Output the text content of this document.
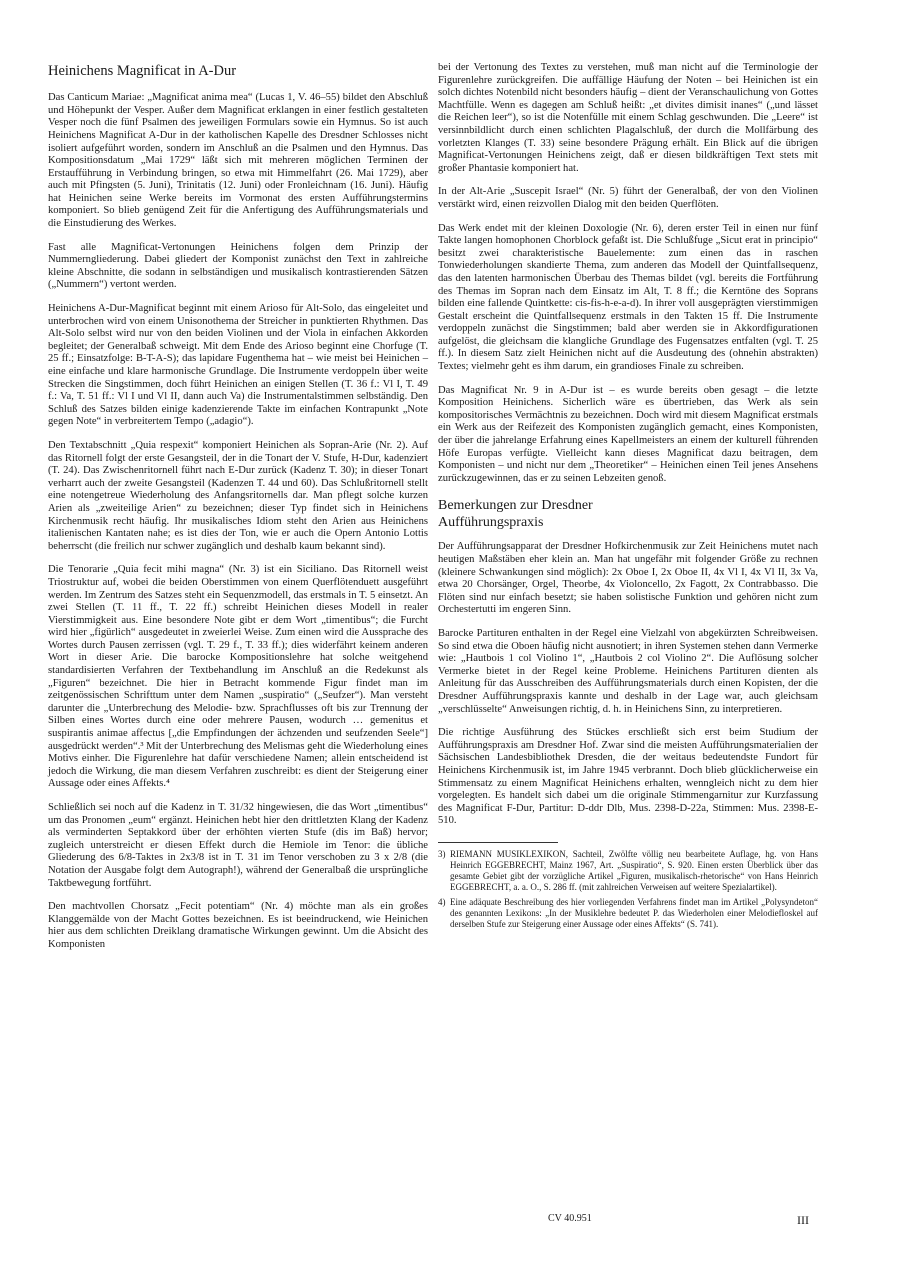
Heinichens Magnificat in A-Dur

Das Canticum Mariae: „Magnificat anima mea“ (Lucas 1, V. 46–55) bildet den Abschluß und Höhepunkt der Vesper. Außer dem Magnificat erklangen in einer festlich gestalteten Vesper noch die fünf Psalmen des jeweiligen Formulars sowie ein Hymnus. So ist auch Heinichens Magnificat A-Dur in der katholischen Kapelle des Dresdner Schlosses nicht isoliert aufgeführt worden, sondern im Anschluß an die Psalmen und den Hymnus. Das Kompositionsdatum „Mai 1729“ läßt sich mit mehreren möglichen Terminen der Erstaufführung in Verbindung bringen, so etwa mit Himmelfahrt (26. Mai 1729), aber auch mit Pfingsten (5. Juni), Trinitatis (12. Juni) oder Fronleichnam (16. Juni). Häufig hat Heinichen seine Werke bereits im Vormonat des ersten Aufführungstermins komponiert. So blieb genügend Zeit für die Anfertigung des Aufführungsmaterials und die Einstudierung des Werkes.

Fast alle Magnificat-Vertonungen Heinichens folgen dem Prinzip der Nummerngliederung. Dabei gliedert der Komponist zunächst den Text in zahlreiche kleine Abschnitte, die sodann in selbständigen und musikalisch kontrastierenden Sätzen („Nummern“) vertont werden.

Heinichens A-Dur-Magnificat beginnt mit einem Arioso für Alt-Solo, das eingeleitet und unterbrochen wird von einem Unisonothema der Streicher in punktierten Rhythmen. Das Alt-Solo selbst wird nur von den beiden Violinen und der Viola in einfachen Akkorden begleitet; der Generalbaß schweigt. Mit dem Ende des Arioso beginnt eine Chorfuge (T. 25 ff.; Einsatzfolge: B-T-A-S); das lapidare Fugenthema hat – wie meist bei Heinichen – eine einfache und klare harmonische Grundlage. Die Instrumente verdoppeln über weite Strecken die Singstimmen, doch führt Heinichen an einigen Stellen (T. 36 f.: Vl I, T. 49 f.: Va, T. 51 ff.: Vl I und Vl II, dann auch Va) die Instrumentalstimmen selbständig. Den Schluß des Satzes bilden einige kadenzierende Takte im einfachen Kontrapunkt „Note gegen Note“ in verbreitertem Tempo („adagio“).

Den Textabschnitt „Quia respexit“ komponiert Heinichen als Sopran-Arie (Nr. 2). Auf das Ritornell folgt der erste Gesangsteil, der in die Tonart der V. Stufe, H-Dur, kadenziert (T. 24). Das Zwischenritornell führt nach E-Dur zurück (Kadenz T. 30); in dieser Tonart verharrt auch der zweite Gesangsteil (Kadenzen T. 44 und 60). Das Schlußritornell stellt eine notengetreue Wiederholung des Anfangsritornells dar. Man pflegt solche kurzen Arien als „zweiteilige Arien“ zu bezeichnen; dieser Typ findet sich in Heinichens Kirchenmusik recht häufig. Ihr musikalisches Idiom steht den Arien aus Heinichens italienischen Kantaten nahe; es ist dies der Ton, wie er auch die Opern Antonio Lottis beherrscht (die freilich nur schwer zugänglich und deshalb kaum bekannt sind).

Die Tenorarie „Quia fecit mihi magna“ (Nr. 3) ist ein Siciliano. Das Ritornell weist Triostruktur auf, wobei die beiden Oberstimmen von einem Querflötenduett ausgeführt werden. Im Zentrum des Satzes steht ein Sequenzmodell, das erstmals in T. 5 einsetzt. An zwei Stellen (T. 11 ff., T. 22 ff.) schreibt Heinichen dieses Modell in realer Vierstimmigkeit aus. Eine besondere Note gibt er dem Wort „timentibus“; die Furcht wird hier „figürlich“ ausgedeutet in zweierlei Weise. Zum einen wird die Aussprache des Wortes durch Pausen zerrissen (vgl. T. 29 f., T. 33 ff.); dies widerfährt keinem anderen Wort in dieser Arie. Die barocke Kompositionslehre hat solche weitgehend standardisierten Verfahren der Textbehandlung im Anschluß an die Redekunst als „Figuren“ bezeichnet. Die hier in Betracht kommende Figur findet man im zeitgenössischen Schrifttum unter dem Namen „suspiratio“ („Seufzer“). Man versteht darunter die „Unterbrechung des Melodie- bzw. Sprachflusses oft bis zur Trennung der Silben eines Wortes durch eine oder mehrere Pausen, wodurch … gemenitus et suspirantis animae affectus [„die Empfindungen der ächzenden und seufzenden Seele“] ausgedrückt werden“.³ Mit der Unterbrechung des Melismas geht die Wiederholung eines Motivs einher. Die Figurenlehre hat dafür verschiedene Namen; allein entscheidend ist jedoch die Wirkung, die man diesem Verfahren zuschreibt: es dient der Steigerung einer Aussage oder eines Affekts.⁴

Schließlich sei noch auf die Kadenz in T. 31/32 hingewiesen, die das Wort „timentibus“ um das Pronomen „eum“ ergänzt. Heinichen hebt hier den drittletzten Klang der Kadenz als verminderten Septakkord über der erhöhten vierten Stufe (dis im Baß) hervor; zugleich unterstreicht er diesen Effekt durch die Hemiole im Tenor: die übliche Gliederung des 6/8-Taktes in 2x3/8 ist in T. 31 im Tenor verschoben zu 3 x 2/8 (die Notation der Ausgabe folgt dem Autograph!), während der Generalbaß die ursprüngliche Taktbewegung fortführt.

Den machtvollen Chorsatz „Fecit potentiam“ (Nr. 4) möchte man als ein großes Klanggemälde von der Macht Gottes bezeichnen. Es ist beeindruckend, wie Heinichen hier aus dem schlichten Dreiklang dramatische Wirkungen gewinnt. Um die Absicht des Komponisten

bei der Vertonung des Textes zu verstehen, muß man nicht auf die Terminologie der Figurenlehre zurückgreifen. Die auffällige Häufung der Noten – bei Heinichen ist ein solch dichtes Notenbild nicht besonders häufig – dient der Veranschaulichung von Gottes Machtfülle. Wenn es dagegen am Schluß heißt: „et divites dimisit inanes“ („und lässet die Reichen leer“), so ist die Notenfülle mit einem Schlag geschwunden. Die „Leere“ ist versinnbildlicht durch einen schlichten Plagalschluß, der durch die Mollfärbung des vorletzten Klanges (T. 33) seine besondere Prägung erhält. Ein Blick auf die übrigen Magnificat-Vertonungen Heinichens zeigt, daß er diesen bildkräftigen Text stets mit großer Phantasie komponiert hat.

In der Alt-Arie „Suscepit Israel“ (Nr. 5) führt der Generalbaß, der von den Violinen verstärkt wird, einen reizvollen Dialog mit den beiden Querflöten.

Das Werk endet mit der kleinen Doxologie (Nr. 6), deren erster Teil in einen nur fünf Takte langen homophonen Chorblock gefaßt ist. Die Schlußfuge „Sicut erat in principio“ besitzt zwei charakteristische Bauelemente: zum einen das in raschen Tonwiederholungen skandierte Thema, zum anderen das Modell der Quintfallsequenz, das den latenten harmonischen Überbau des Themas bildet (vgl. bereits die Fortführung des Themas im Sopran nach dem Einsatz im Alt, T. 8 ff.; die Kerntöne des Soprans bilden eine fallende Quintkette: cis-fis-h-e-a-d). In ihrer voll ausgeprägten vierstimmigen Gestalt erscheint die Quintfallsequenz erstmals in den Takten 15 ff. Die Instrumente verdoppeln zunächst die Singstimmen; bald aber werden sie in Akkordfigurationen aufgelöst, die gleichsam die klangliche Grundlage des Fugensatzes entfalten (vgl. T. 25 ff.). In diesem Satz zielt Heinichen nicht auf die Ausdeutung des (ohnehin abstrakten) Textes; vielmehr geht es ihm darum, ein grandioses Finale zu schreiben.

Das Magnificat Nr. 9 in A-Dur ist – es wurde bereits oben gesagt – die letzte Komposition Heinichens. Sicherlich wäre es übertrieben, das Werk als sein kompositorisches Vermächtnis zu bezeichnen. Doch wird mit diesem Magnificat erstmals ein Werk aus der Reifezeit des Komponisten zugänglich gemacht, eines Komponisten, der über die jahrelange Erfahrung eines Kapellmeisters an einem der kulturell führenden Höfe Europas verfügte. Vielleicht kann dieses Magnificat dazu beitragen, dem Komponisten – und nicht nur dem „Theoretiker“ – Heinichen einen Teil jenes Ansehens zurückzugewinnen, das er zu seinen Lebzeiten genoß.

Bemerkungen zur Dresdner
Aufführungspraxis

Der Aufführungsapparat der Dresdner Hofkirchenmusik zur Zeit Heinichens mutet nach heutigen Maßstäben eher klein an. Man hat ungefähr mit folgender Größe zu rechnen (kleinere Schwankungen sind möglich): 2x Oboe I, 2x Oboe II, 4x Vl I, 4x Vl II, 3x Va, etwa 20 Chorsänger, Orgel, Theorbe, 4x Violoncello, 2x Fagott, 2x Contrabbasso. Die Flöten sind nur einfach besetzt; sie haben solistische Funktion und gehören nicht zum Orchestertutti im engeren Sinn.

Barocke Partituren enthalten in der Regel eine Vielzahl von abgekürzten Schreibweisen. So sind etwa die Oboen häufig nicht ausnotiert; in ihren Systemen stehen dann Vermerke wie: „Hautbois 1 col Violino 1“, „Hautbois 2 col Violino 2“. Die Auflösung solcher Vermerke bietet in der Regel keine Probleme. Heinichens Partituren dienten als Anleitung für das Ausschreiben des Aufführungsmaterials durch einen Kopisten, der die Dresdner Aufführungspraxis kannte und deshalb in der Lage war, auch gleichsam „verschlüsselte“ Anweisungen richtig, d. h. in Heinichens Sinn, zu interpretieren.

Die richtige Ausführung des Stückes erschließt sich erst beim Studium der Aufführungspraxis am Dresdner Hof. Zwar sind die meisten Aufführungsmaterialien der Sächsischen Landesbibliothek Dresden, die der weitaus bedeutendste Fundort für Heinichens Kirchenmusik ist, im Jahre 1945 verbrannt. Doch blieb glücklicherweise ein Stimmensatz zu einem Magnificat Heinichens erhalten, wenngleich nicht zu dem hier vorgelegten. Es handelt sich dabei um die originale Stimmengarnitur zur Kurzfassung des Magnificat F-Dur, Partitur: D-ddr Dlb, Mus. 2398-D-22a, Stimmen: Mus. 2398-E-510.

3) RIEMANN MUSIKLEXIKON, Sachteil, Zwölfte völlig neu bearbeitete Auflage, hg. von Hans Heinrich EGGEBRECHT, Mainz 1967, Art. „Suspiratio“, S. 920. Einen ersten Überblick über das gesamte Gebiet gibt der vorzügliche Artikel „Figuren, musikalisch-rhetorische“ von Hans Heinrich EGGEBRECHT, a. a. O., S. 286 ff. (mit zahlreichen Verweisen auf weitere Spezialartikel).
4) Eine adäquate Beschreibung des hier vorliegenden Verfahrens findet man im Artikel „Polysyndeton“ des genannten Lexikons: „In der Musiklehre bedeutet P. das Wiederholen einer Melodiefloskel auf derselben Stufe zur Steigerung einer Aussage oder eines Affekts“ (S. 741).
CV 40.951	III
